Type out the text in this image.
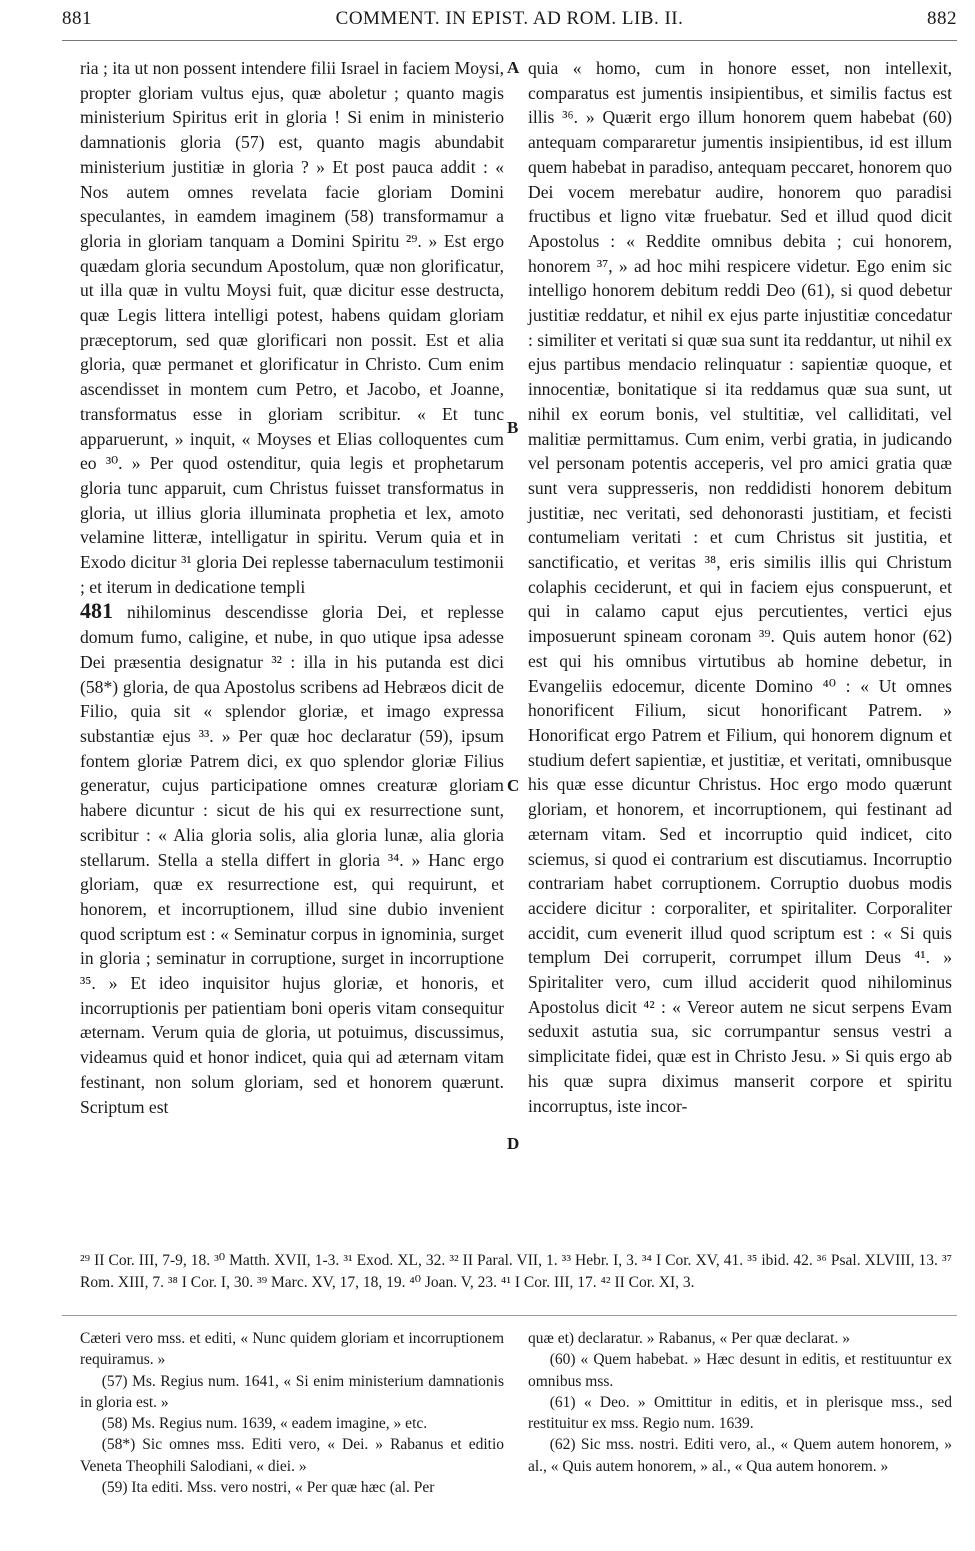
881	COMMENT. IN EPIST. AD ROM. LIB. II.	882

ria ; ita ut non possent intendere filii Israel in faciem Moysi, propter gloriam vultus ejus, quæ aboletur ; quanto magis ministerium Spiritus erit in gloria ! Si enim in ministerio damnationis gloria (57) est, quanto magis abundabit ministerium justitiæ in gloria ? » Et post pauca addit : « Nos autem omnes revelata facie gloriam Domini speculantes, in eamdem imaginem (58) transformamur a gloria in gloriam tanquam a Domini Spiritu ²⁹. » Est ergo quædam gloria secundum Apostolum, quæ non glorificatur, ut illa quæ in vultu Moysi fuit, quæ dicitur esse destructa, quæ Legis littera intelligi potest, habens quidam gloriam præceptorum, sed quæ glorificari non possit. Est et alia gloria, quæ permanet et glorificatur in Christo. Cum enim ascendisset in montem cum Petro, et Jacobo, et Joanne, transformatus esse in gloriam scribitur. « Et tunc apparuerunt, » inquit, « Moyses et Elias colloquentes cum eo ³⁰. » Per quod ostenditur, quia legis et prophetarum gloria tunc apparuit, cum Christus fuisset transformatus in gloria, ut illius gloria illuminata prophetia et lex, amoto velamine litteræ, intelligatur in spiritu. Verum quia et in Exodo dicitur ³¹ gloria Dei replesse tabernaculum testimonii ; et iterum in dedicatione templi

481 nihilominus descendisse gloria Dei, et replesse domum fumo, caligine, et nube, in quo utique ipsa adesse Dei præsentia designatur ³² : illa in his putanda est dici (58*) gloria, de qua Apostolus scribens ad Hebræos dicit de Filio, quia sit « splendor gloriæ, et imago expressa substantiæ ejus ³³. » Per quæ hoc declaratur (59), ipsum fontem gloriæ Patrem dici, ex quo splendor gloriæ Filius generatur, cujus participatione omnes creaturæ gloriam habere dicuntur : sicut de his qui ex resurrectione sunt, scribitur : « Alia gloria solis, alia gloria lunæ, alia gloria stellarum. Stella a stella differt in gloria ³⁴. » Hanc ergo gloriam, quæ ex resurrectione est, qui requirunt, et honorem, et incorruptionem, illud sine dubio invenient quod scriptum est : « Seminatur corpus in ignominia, surget in gloria ; seminatur in corruptione, surget in incorruptione ³⁵. » Et ideo inquisitor hujus gloriæ, et honoris, et incorruptionis per patientiam boni operis vitam consequitur æternam. Verum quia de gloria, ut potuimus, discussimus, videamus quid et honor indicet, quia qui ad æternam vitam festinant, non solum gloriam, sed et honorem quærunt. Scriptum est

quia « homo, cum in honore esset, non intellexit, comparatus est jumentis insipientibus, et similis factus est illis ³⁶. » Quærit ergo illum honorem quem habebat (60) antequam compararetur jumentis insipientibus, id est illum quem habebat in paradiso, antequam peccaret, honorem quo Dei vocem merebatur audire, honorem quo paradisi fructibus et ligno vitæ fruebatur. Sed et illud quod dicit Apostolus : « Reddite omnibus debita ; cui honorem, honorem ³⁷, » ad hoc mihi respicere videtur. Ego enim sic intelligo honorem debitum reddi Deo (61), si quod debetur justitiæ reddatur, et nihil ex ejus parte injustitiæ concedatur : similiter et veritati si quæ sua sunt ita reddantur, ut nihil ex ejus partibus mendacio relinquatur : sapientiæ quoque, et innocentiæ, bonitatique si ita reddamus quæ sua sunt, ut nihil ex eorum bonis, vel stultitiæ, vel calliditati, vel malitiæ permittamus. Cum enim, verbi gratia, in judicando vel personam potentis acceperis, vel pro amici gratia quæ sunt vera suppresseris, non reddidisti honorem debitum justitiæ, nec veritati, sed dehonorasti justitiam, et fecisti contumeliam veritati : et cum Christus sit justitia, et sanctificatio, et veritas ³⁸, eris similis illis qui Christum colaphis ceciderunt, et qui in faciem ejus conspuerunt, et qui in calamo caput ejus percutientes, vertici ejus imposuerunt spineam coronam ³⁹. Quis autem honor (62) est qui his omnibus virtutibus ab homine debetur, in Evangeliis edocemur, dicente Domino ⁴⁰ : « Ut omnes honorificent Filium, sicut honorificant Patrem. » Honorificat ergo Patrem et Filium, qui honorem dignum et studium defert sapientiæ, et justitiæ, et veritati, omnibusque his quæ esse dicuntur Christus. Hoc ergo modo quærunt gloriam, et honorem, et incorruptionem, qui festinant ad æternam vitam. Sed et incorruptio quid indicet, cito sciemus, si quod ei contrarium est discutiamus. Incorruptio contrariam habet corruptionem. Corruptio duobus modis accidere dicitur : corporaliter, et spiritaliter. Corporaliter accidit, cum evenerit illud quod scriptum est : « Si quis templum Dei corruperit, corrumpet illum Deus ⁴¹. » Spiritaliter vero, cum illud acciderit quod nihilominus Apostolus dicit ⁴² : « Vereor autem ne sicut serpens Evam seduxit astutia sua, sic corrumpantur sensus vestri a simplicitate fidei, quæ est in Christo Jesu. » Si quis ergo ab his quæ supra diximus manserit corpore et spiritu incorruptus, iste incor-

A
B
C
D
²⁹ II Cor. III, 7-9, 18. ³⁰ Matth. XVII, 1-3. ³¹ Exod. XL, 32. ³² II Paral. VII, 1. ³³ Hebr. I, 3. ³⁴ I Cor. XV, 41. ³⁵ ibid. 42. ³⁶ Psal. XLVIII, 13. ³⁷ Rom. XIII, 7. ³⁸ I Cor. I, 30. ³⁹ Marc. XV, 17, 18, 19. ⁴⁰ Joan. V, 23. ⁴¹ I Cor. III, 17. ⁴² II Cor. XI, 3.

Cæteri vero mss. et editi, « Nunc quidem gloriam et incorruptionem requiramus. »

(57) Ms. Regius num. 1641, « Si enim ministerium damnationis in gloria est. »

(58) Ms. Regius num. 1639, « eadem imagine, » etc.

(58*) Sic omnes mss. Editi vero, « Dei. » Rabanus et editio Veneta Theophili Salodiani, « diei. »

(59) Ita editi. Mss. vero nostri, « Per quæ hæc (al. Per

quæ et) declaratur. » Rabanus, « Per quæ declarat. »

(60) « Quem habebat. » Hæc desunt in editis, et restituuntur ex omnibus mss.

(61) « Deo. » Omittitur in editis, et in plerisque mss., sed restituitur ex mss. Regio num. 1639.

(62) Sic mss. nostri. Editi vero, al., « Quem autem honorem, » al., « Quis autem honorem, » al., « Qua autem honorem. »
